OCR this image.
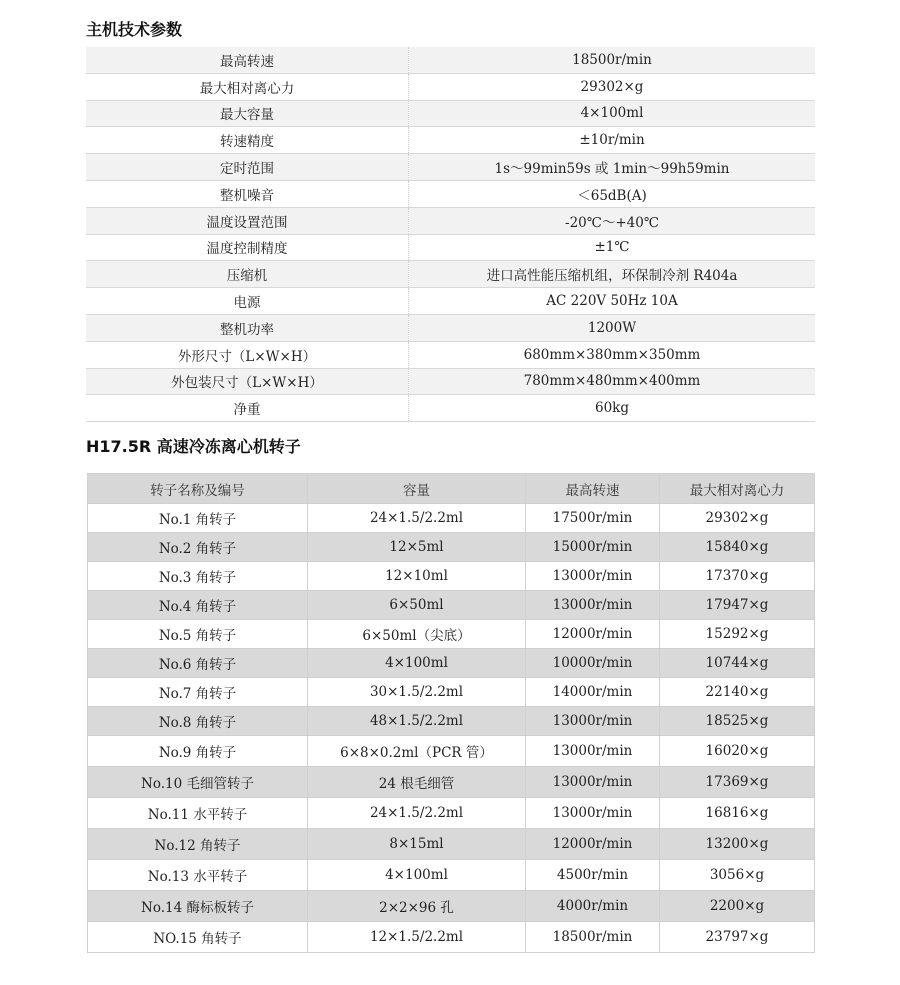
主机技术参数
最高转速	18500r/min
最大相对离心力	29302×g
最大容量	4×100ml
转速精度	±10r/min
定时范围	1s～99min59s 或 1min～99h59min
整机噪音	＜65dB(A)
温度设置范围	-20℃～+40℃
温度控制精度	±1℃
压缩机	进口高性能压缩机组，环保制冷剂 R404a
电源	AC 220V 50Hz 10A
整机功率	1200W
外形尺寸（L×W×H）	680mm×380mm×350mm
外包装尺寸（L×W×H）	780mm×480mm×400mm
净重	60kg
H17.5R 高速冷冻离心机转子
转子名称及编号	容量	最高转速	最大相对离心力
No.1 角转子	24×1.5/2.2ml	17500r/min	29302×g
No.2 角转子	12×5ml	15000r/min	15840×g
No.3 角转子	12×10ml	13000r/min	17370×g
No.4 角转子	6×50ml	13000r/min	17947×g
No.5 角转子	6×50ml（尖底）	12000r/min	15292×g
No.6 角转子	4×100ml	10000r/min	10744×g
No.7 角转子	30×1.5/2.2ml	14000r/min	22140×g
No.8 角转子	48×1.5/2.2ml	13000r/min	18525×g
No.9 角转子	6×8×0.2ml（PCR 管）	13000r/min	16020×g
No.10 毛细管转子	24 根毛细管	13000r/min	17369×g
No.11 水平转子	24×1.5/2.2ml	13000r/min	16816×g
No.12 角转子	8×15ml	12000r/min	13200×g
No.13 水平转子	4×100ml	4500r/min	3056×g
No.14 酶标板转子	2×2×96 孔	4000r/min	2200×g
NO.15 角转子	12×1.5/2.2ml	18500r/min	23797×g
